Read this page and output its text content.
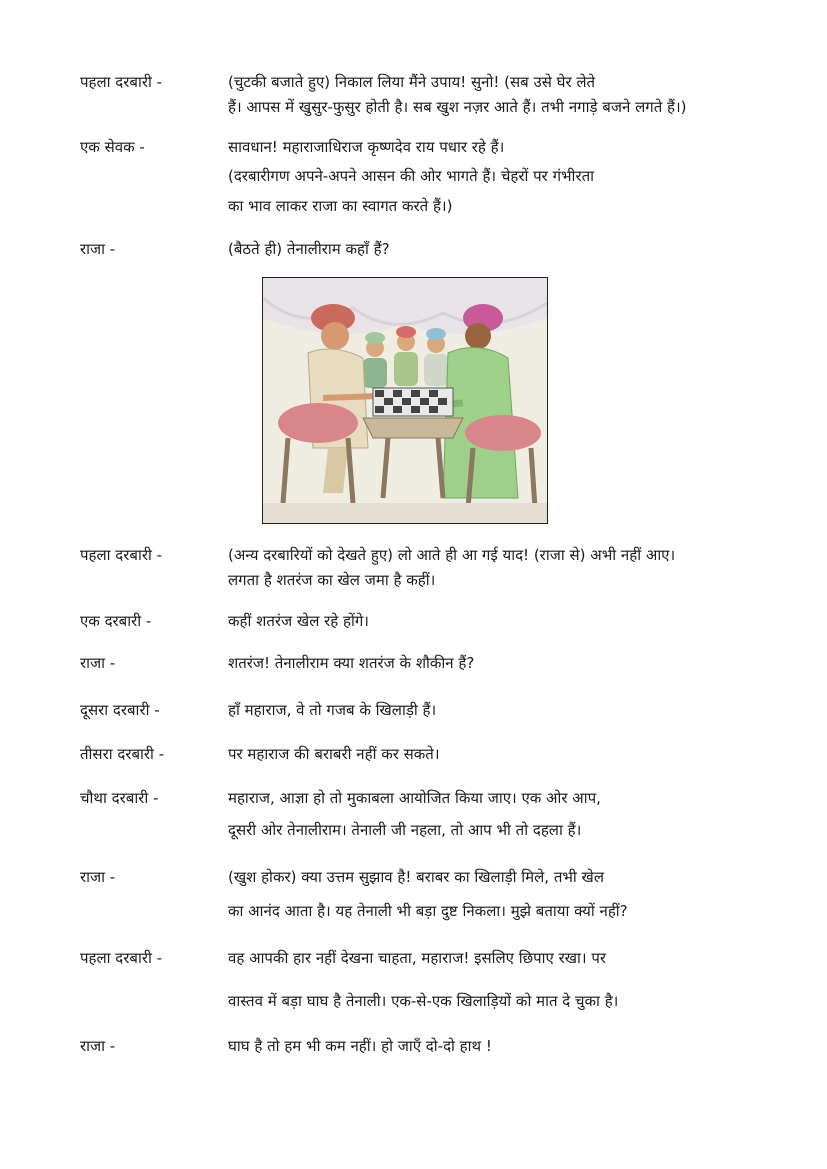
पहला दरबारी -	(चुटकी बजाते हुए) निकाल लिया मैंने उपाय! सुनो! (सब उसे घेर लेते
हैं। आपस में खुसुर-फुसुर होती है। सब खुश नज़र आते हैं। तभी नगाड़े बजने लगते हैं।)
एक सेवक -	सावधान! महाराजाधिराज कृष्णदेव राय पधार रहे हैं।
(दरबारीगण अपने-अपने आसन की ओर भागते हैं। चेहरों पर गंभीरता
का भाव लाकर राजा का स्वागत करते हैं।)
राजा -	(बैठते ही) तेनालीराम कहाँ हैं?
पहला दरबारी -	(अन्य दरबारियों को देखते हुए) लो आते ही आ गई याद! (राजा से) अभी नहीं आए।
लगता है शतरंज का खेल जमा है कहीं।
एक दरबारी -	कहीं शतरंज खेल रहे होंगे।
राजा -	शतरंज! तेनालीराम क्या शतरंज के शौकीन हैं?
दूसरा दरबारी -	हाँ महाराज, वे तो गजब के खिलाड़ी हैं।
तीसरा दरबारी -	पर महाराज की बराबरी नहीं कर सकते।
चौथा दरबारी -	महाराज, आज्ञा हो तो मुकाबला आयोजित किया जाए। एक ओर आप,
दूसरी ओर तेनालीराम। तेनाली जी नहला, तो आप भी तो दहला हैं।
राजा -	(खुश होकर) क्या उत्तम सुझाव है! बराबर का खिलाड़ी मिले, तभी खेल
का आनंद आता है। यह तेनाली भी बड़ा दुष्ट निकला। मुझे बताया क्यों नहीं?
पहला दरबारी -	वह आपकी हार नहीं देखना चाहता, महाराज! इसलिए छिपाए रखा। पर
वास्तव में बड़ा घाघ है तेनाली। एक-से-एक खिलाड़ियों को मात दे चुका है।
राजा -	घाघ है तो हम भी कम नहीं। हो जाएँ दो-दो हाथ !
